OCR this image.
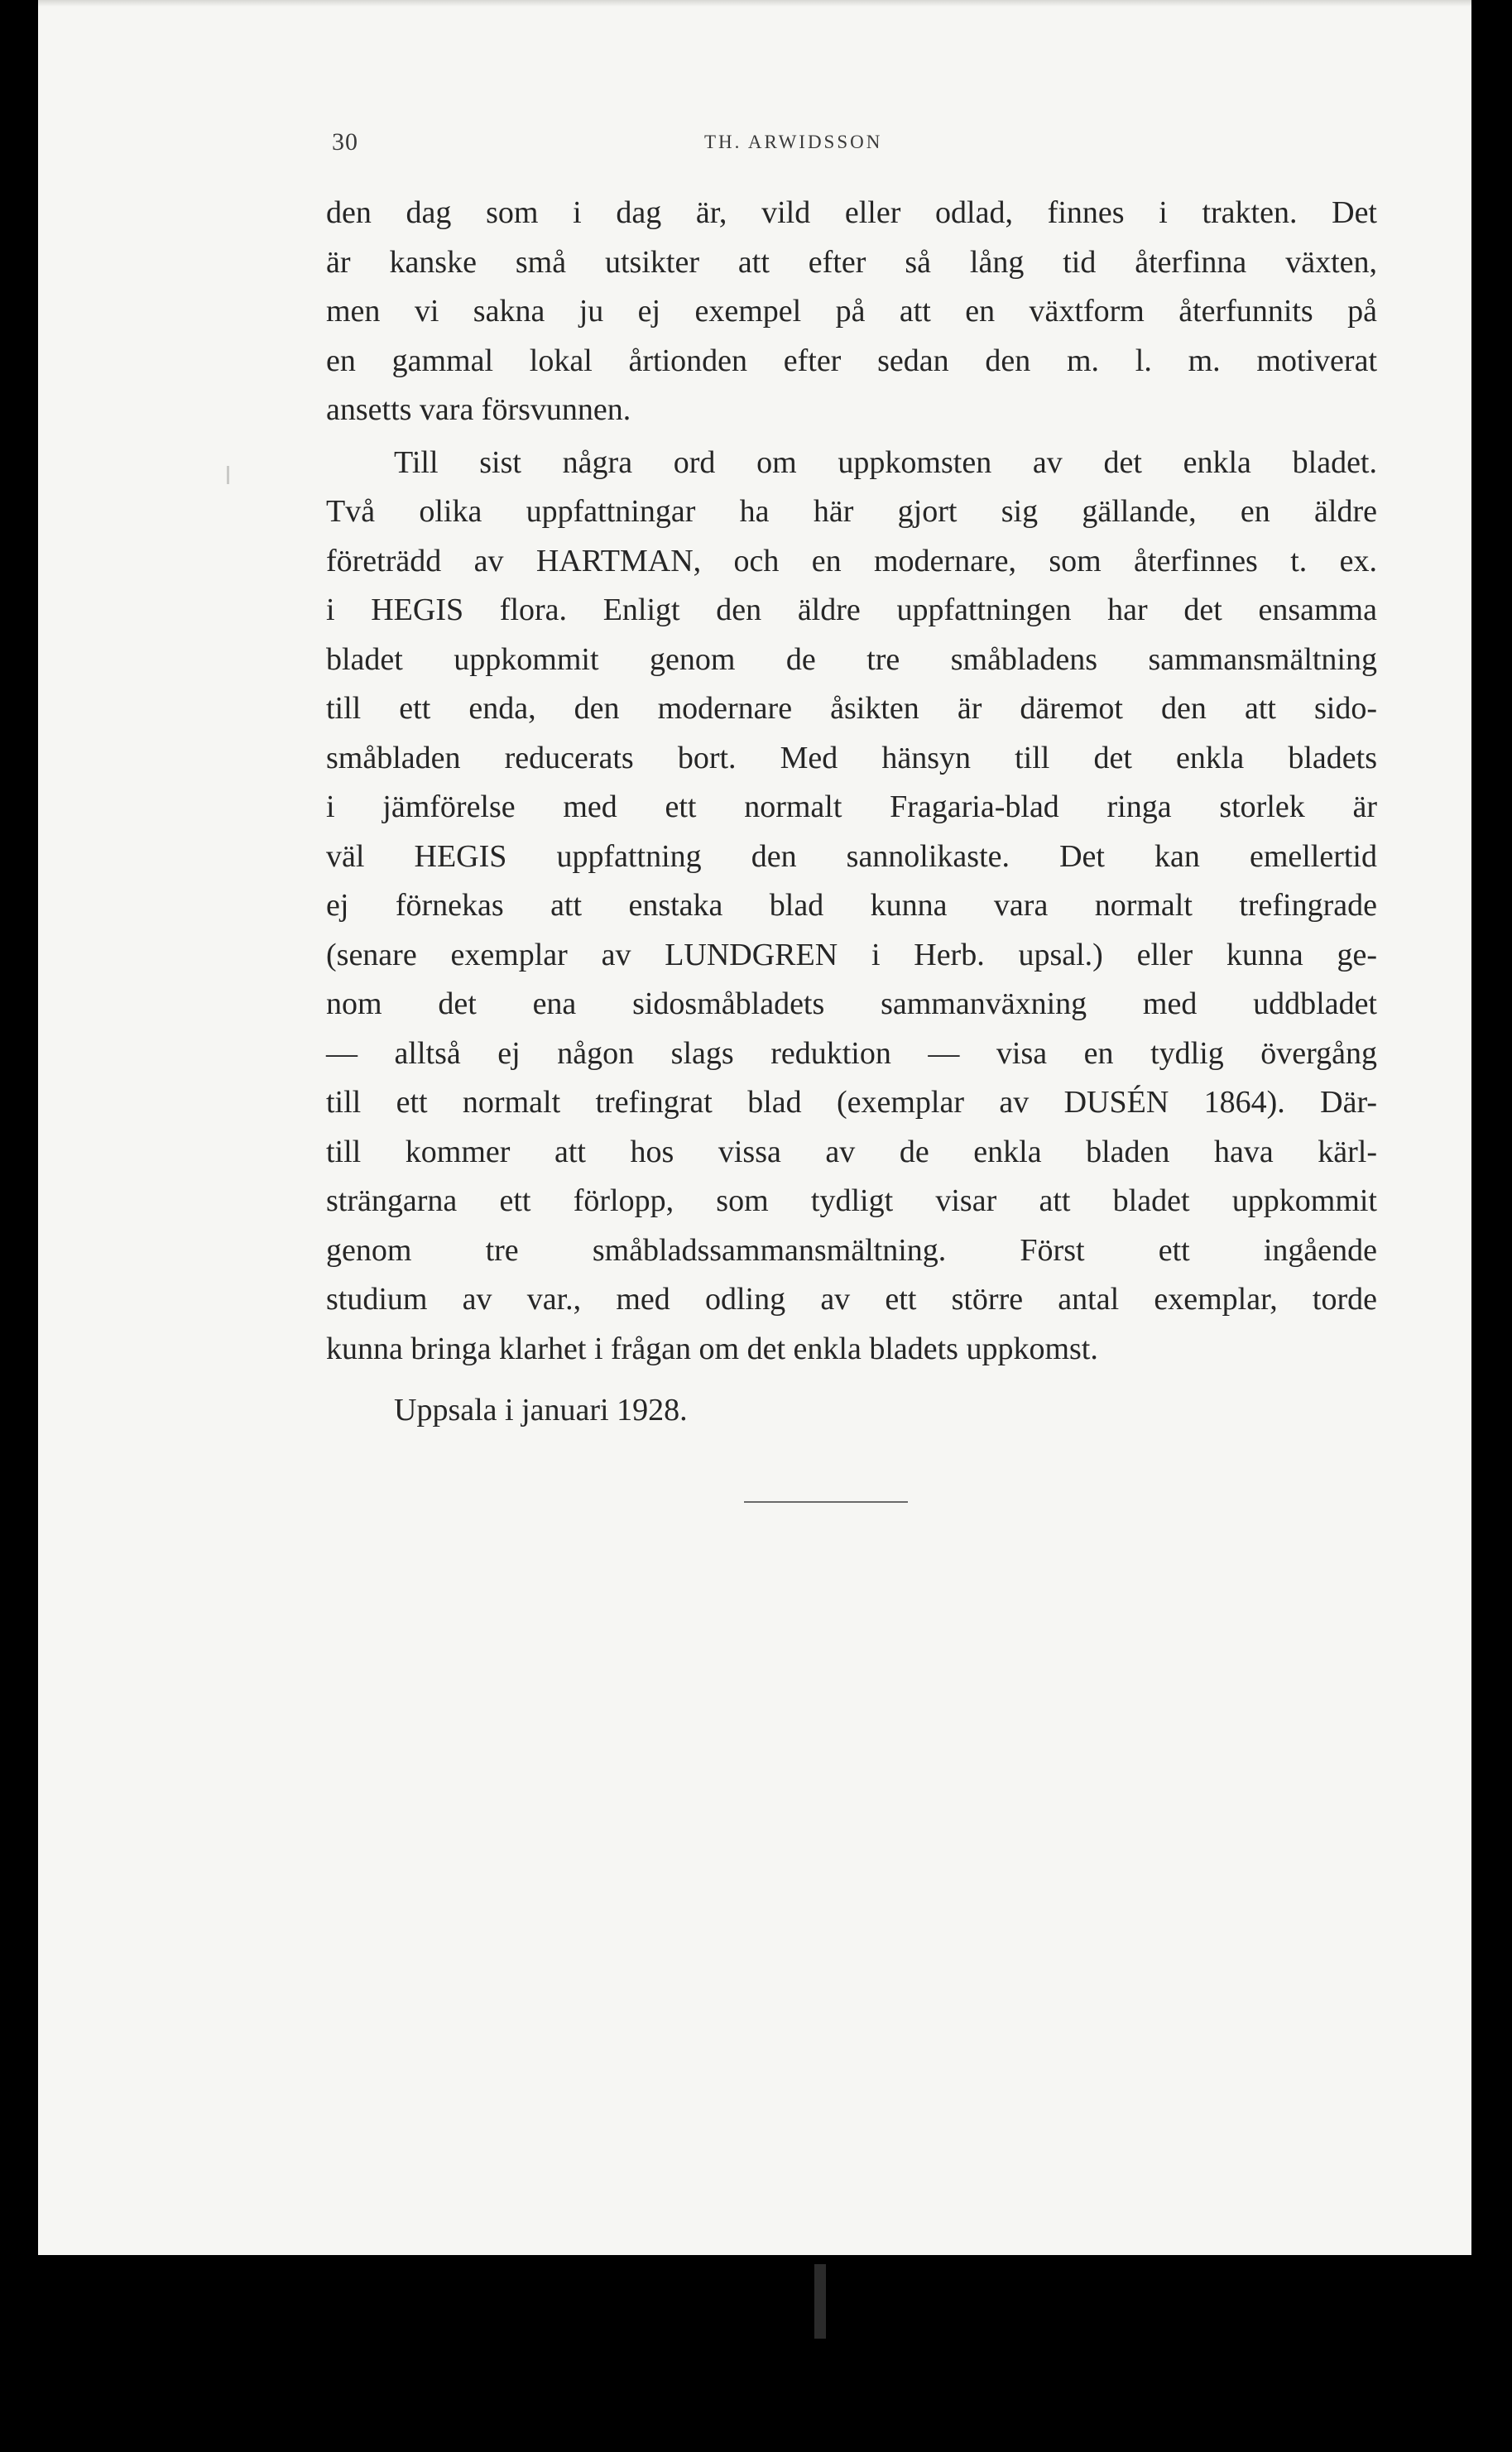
30	TH. ARWIDSSON
den dag som i dag är, vild eller odlad, finnes i trakten. Det
är kanske små utsikter att efter så lång tid återfinna växten,
men vi sakna ju ej exempel på att en växtform återfunnits på
en gammal lokal årtionden efter sedan den m. l. m. motiverat
ansetts vara försvunnen.
Till sist några ord om uppkomsten av det enkla bladet.
Två olika uppfattningar ha här gjort sig gällande, en äldre
företrädd av HARTMAN, och en modernare, som återfinnes t. ex.
i HEGIS flora. Enligt den äldre uppfattningen har det ensamma
bladet uppkommit genom de tre småbladens sammansmältning
till ett enda, den modernare åsikten är däremot den att sido-
småbladen reducerats bort. Med hänsyn till det enkla bladets
i jämförelse med ett normalt Fragaria-blad ringa storlek är
väl HEGIS uppfattning den sannolikaste. Det kan emellertid
ej förnekas att enstaka blad kunna vara normalt trefingrade
(senare exemplar av LUNDGREN i Herb. upsal.) eller kunna ge-
nom det ena sidosmåbladets sammanväxning med uddbladet
— alltså ej någon slags reduktion — visa en tydlig övergång
till ett normalt trefingrat blad (exemplar av DUSÉN 1864). Där-
till kommer att hos vissa av de enkla bladen hava kärl-
strängarna ett förlopp, som tydligt visar att bladet uppkommit
genom tre småbladssammansmältning. Först ett ingående
studium av var., med odling av ett större antal exemplar, torde
kunna bringa klarhet i frågan om det enkla bladets uppkomst.
Uppsala i januari 1928.
